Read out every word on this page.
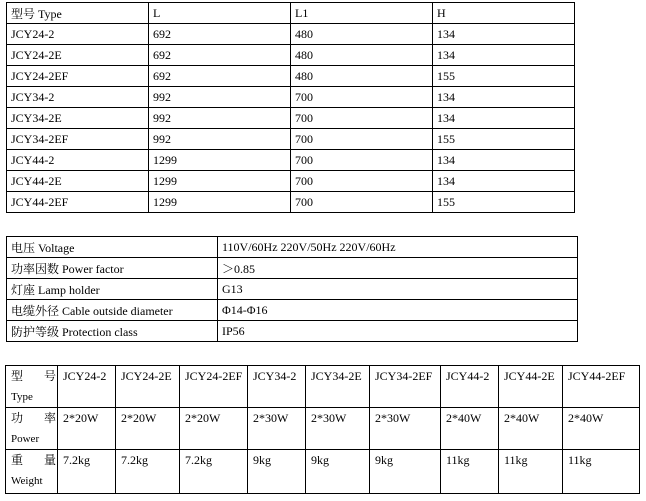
型号 Type	L	L1	H
JCY24-2	692	480	134
JCY24-2E	692	480	134
JCY24-2EF	692	480	155
JCY34-2	992	700	134
JCY34-2E	992	700	134
JCY34-2EF	992	700	155
JCY44-2	1299	700	134
JCY44-2E	1299	700	134
JCY44-2EF	1299	700	155
电压 Voltage	110V/60Hz 220V/50Hz 220V/60Hz
功率因数 Power factor	＞0.85
灯座 Lamp holder	G13
电缆外径 Cable outside diameter	Φ14-Φ16
防护等级 Protection class	IP56
型 号
Type	JCY24-2	JCY24-2E	JCY24-2EF	JCY34-2	JCY34-2E	JCY34-2EF	JCY44-2	JCY44-2E	JCY44-2EF
功 率
Power	2*20W	2*20W	2*20W	2*30W	2*30W	2*30W	2*40W	2*40W	2*40W
重 量
Weight	7.2kg	7.2kg	7.2kg	9kg	9kg	9kg	11kg	11kg	11kg
